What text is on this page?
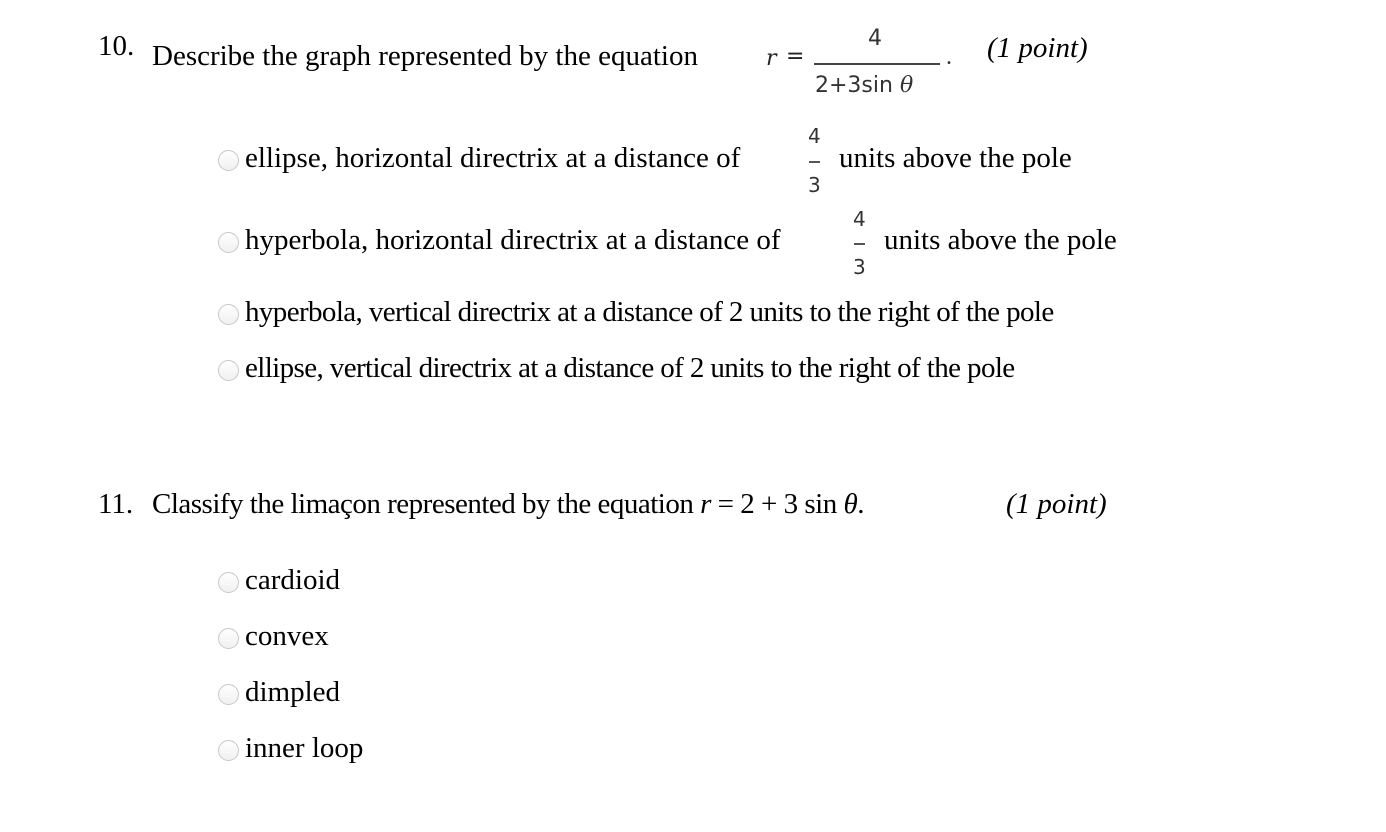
10. Describe the graph represented by the equation	r =
4
2+3sin θ
. (1 point)
ellipse, horizontal directrix at a distance of
4
3
units above the pole
hyperbola, horizontal directrix at a distance of
4
3
units above the pole
hyperbola, vertical directrix at a distance of 2 units to the right of the pole
ellipse, vertical directrix at a distance of 2 units to the right of the pole
11. Classify the limaçon represented by the equation r = 2 + 3 sin θ.	(1 point)
cardioid
convex
dimpled
inner loop
